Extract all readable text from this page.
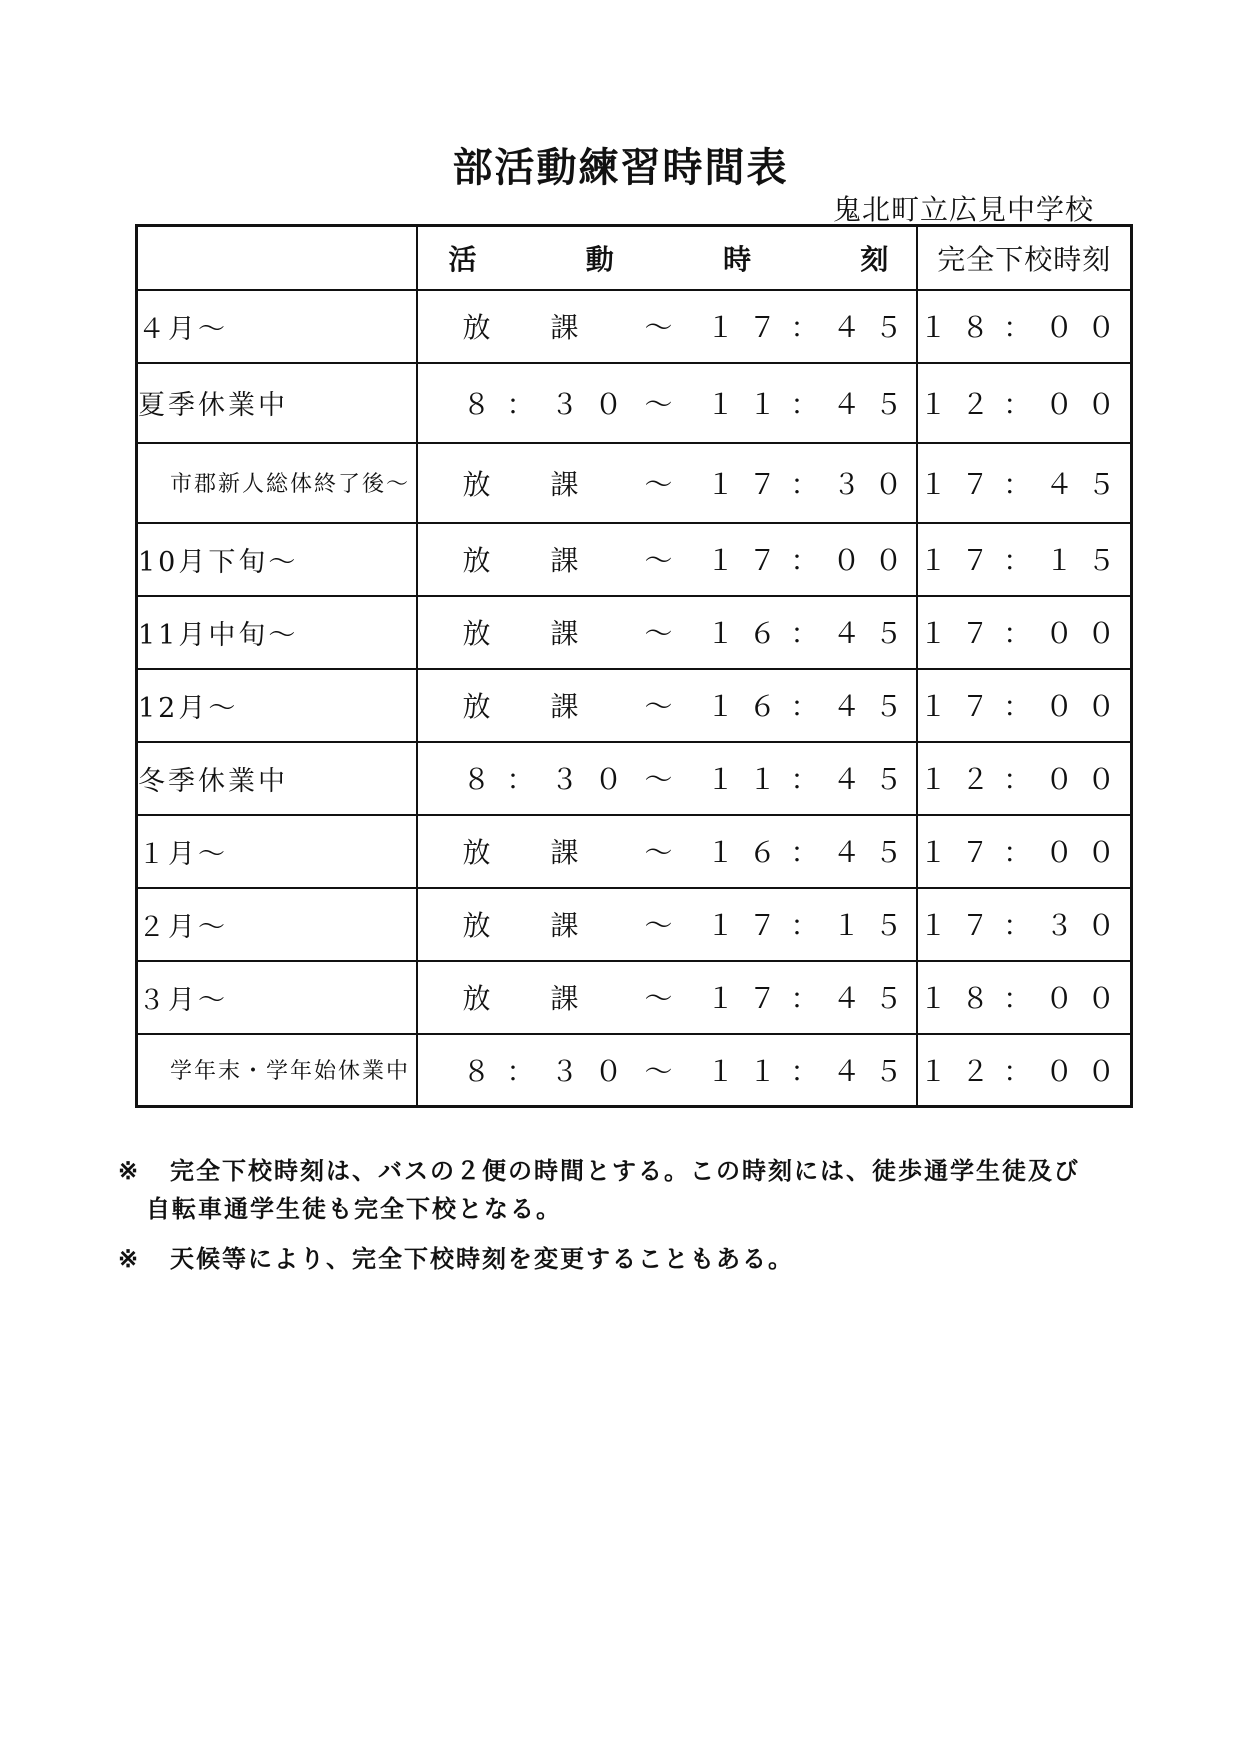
部活動練習時間表
鬼北町立広見中学校

	活 動 時 刻	完全下校時刻
４月～	放　課 ～ １７：４５	１８：００
夏季休業中	８：３０ ～ １１：４５	１２：００
市郡新人総体終了後～	放　課 ～ １７：３０	１７：４５
10月下旬～	放　課 ～ １７：００	１７：１５
11月中旬～	放　課 ～ １６：４５	１７：００
12月～	放　課 ～ １６：４５	１７：００
冬季休業中	８：３０ ～ １１：４５	１２：００
１月～	放　課 ～ １６：４５	１７：００
２月～	放　課 ～ １７：１５	１７：３０
３月～	放　課 ～ １７：４５	１８：００
学年末・学年始休業中	８：３０ ～ １１：４５	１２：００
※	完全下校時刻は、バスの２便の時間とする。この時刻には、徒歩通学生徒及び
自転車通学生徒も完全下校となる。
※	天候等により、完全下校時刻を変更することもある。
